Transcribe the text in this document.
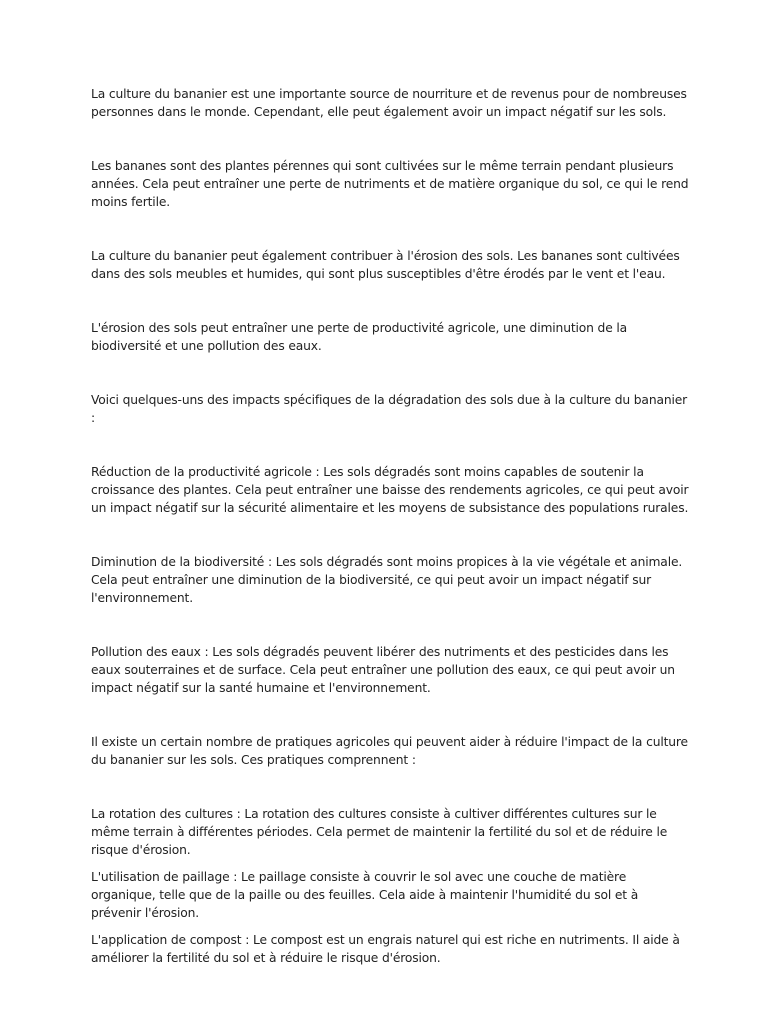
La culture du bananier est une importante source de nourriture et de revenus pour de nombreuses personnes dans le monde. Cependant, elle peut également avoir un impact négatif sur les sols.

Les bananes sont des plantes pérennes qui sont cultivées sur le même terrain pendant plusieurs années. Cela peut entraîner une perte de nutriments et de matière organique du sol, ce qui le rend moins fertile.

La culture du bananier peut également contribuer à l'érosion des sols. Les bananes sont cultivées dans des sols meubles et humides, qui sont plus susceptibles d'être érodés par le vent et l'eau.

L'érosion des sols peut entraîner une perte de productivité agricole, une diminution de la biodiversité et une pollution des eaux.

Voici quelques-uns des impacts spécifiques de la dégradation des sols due à la culture du bananier :

Réduction de la productivité agricole : Les sols dégradés sont moins capables de soutenir la croissance des plantes. Cela peut entraîner une baisse des rendements agricoles, ce qui peut avoir un impact négatif sur la sécurité alimentaire et les moyens de subsistance des populations rurales.

Diminution de la biodiversité : Les sols dégradés sont moins propices à la vie végétale et animale. Cela peut entraîner une diminution de la biodiversité, ce qui peut avoir un impact négatif sur l'environnement.

Pollution des eaux : Les sols dégradés peuvent libérer des nutriments et des pesticides dans les eaux souterraines et de surface. Cela peut entraîner une pollution des eaux, ce qui peut avoir un impact négatif sur la santé humaine et l'environnement.

Il existe un certain nombre de pratiques agricoles qui peuvent aider à réduire l'impact de la culture du bananier sur les sols. Ces pratiques comprennent :

La rotation des cultures : La rotation des cultures consiste à cultiver différentes cultures sur le même terrain à différentes périodes. Cela permet de maintenir la fertilité du sol et de réduire le risque d'érosion.

L'utilisation de paillage : Le paillage consiste à couvrir le sol avec une couche de matière organique, telle que de la paille ou des feuilles. Cela aide à maintenir l'humidité du sol et à prévenir l'érosion.

L'application de compost : Le compost est un engrais naturel qui est riche en nutriments. Il aide à améliorer la fertilité du sol et à réduire le risque d'érosion.
